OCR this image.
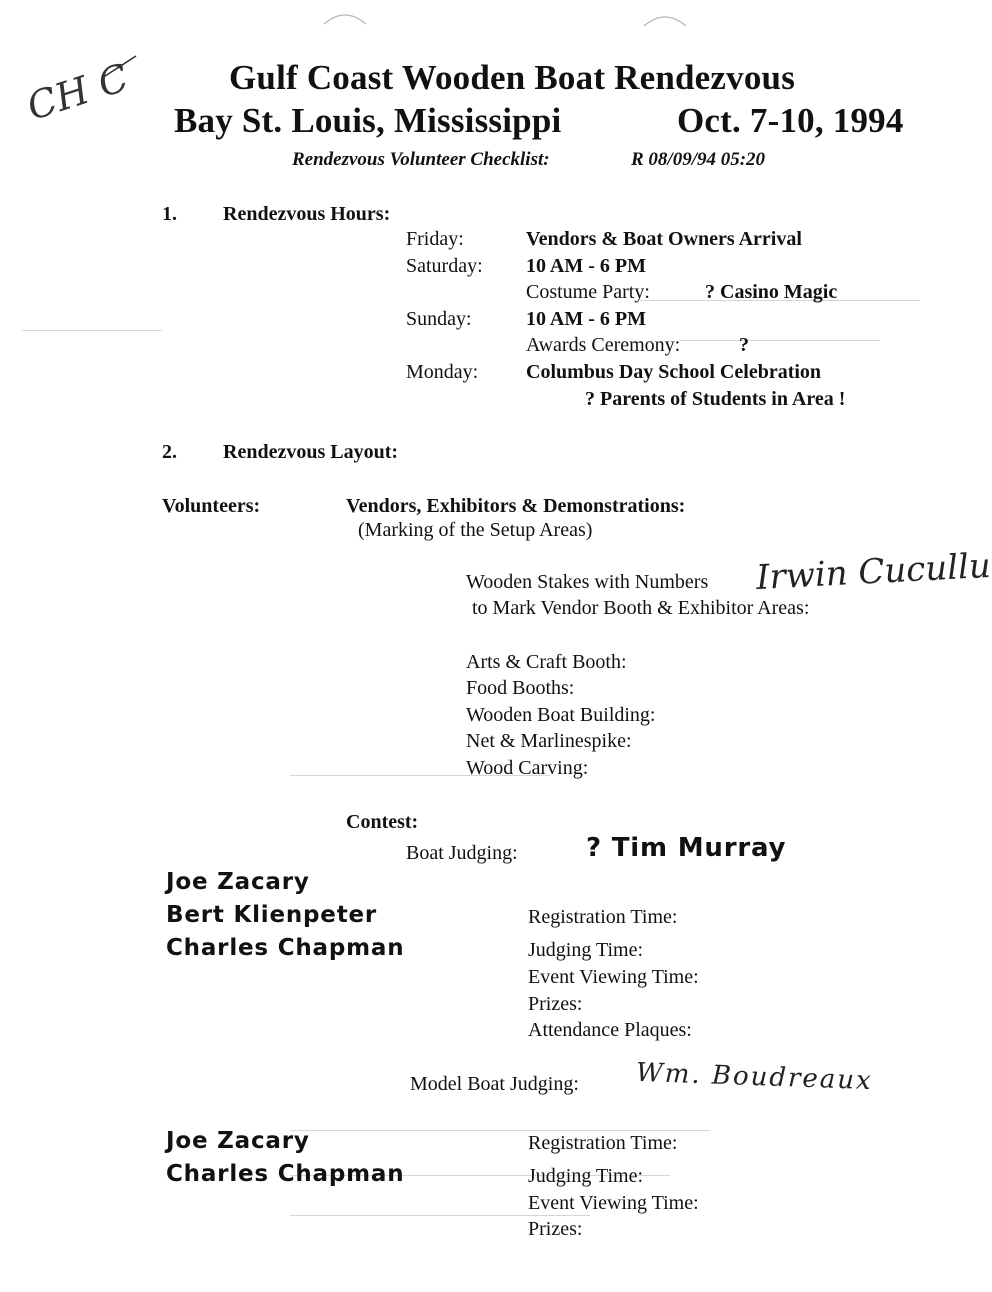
CH C	Gulf Coast Wooden Boat Rendezvous
Bay St. Louis, Mississippi	Oct. 7-10, 1994
Rendezvous Volunteer Checklist:	R 08/09/94 05:20
1. Rendezvous Hours:
Friday:	Vendors & Boat Owners Arrival
Saturday: 10 AM - 6 PM
Costume Party:	? Casino Magic
Sunday:	10 AM - 6 PM
Awards Ceremony:	?
Monday: Columbus Day School Celebration
? Parents of Students in Area !
2. Rendezvous Layout:
Volunteers:	Vendors, Exhibitors & Demonstrations:
(Marking of the Setup Areas)
Wooden Stakes with Numbers Irwin Cucullu
to Mark Vendor Booth & Exhibitor Areas:
Arts & Craft Booth:
Food Booths:
Wooden Boat Building:
Net & Marlinespike:
Wood Carving:
Contest:
Boat Judging:	? Tim Murray
Joe Zacary
Bert Klienpeter
Charles Chapman
Registration Time:
Judging Time:
Event Viewing Time:
Prizes:
Attendance Plaques:
Model Boat Judging: Wm. Boudreaux
Joe Zacary
Charles Chapman
Registration Time:
Judging Time:
Event Viewing Time:
Prizes:
